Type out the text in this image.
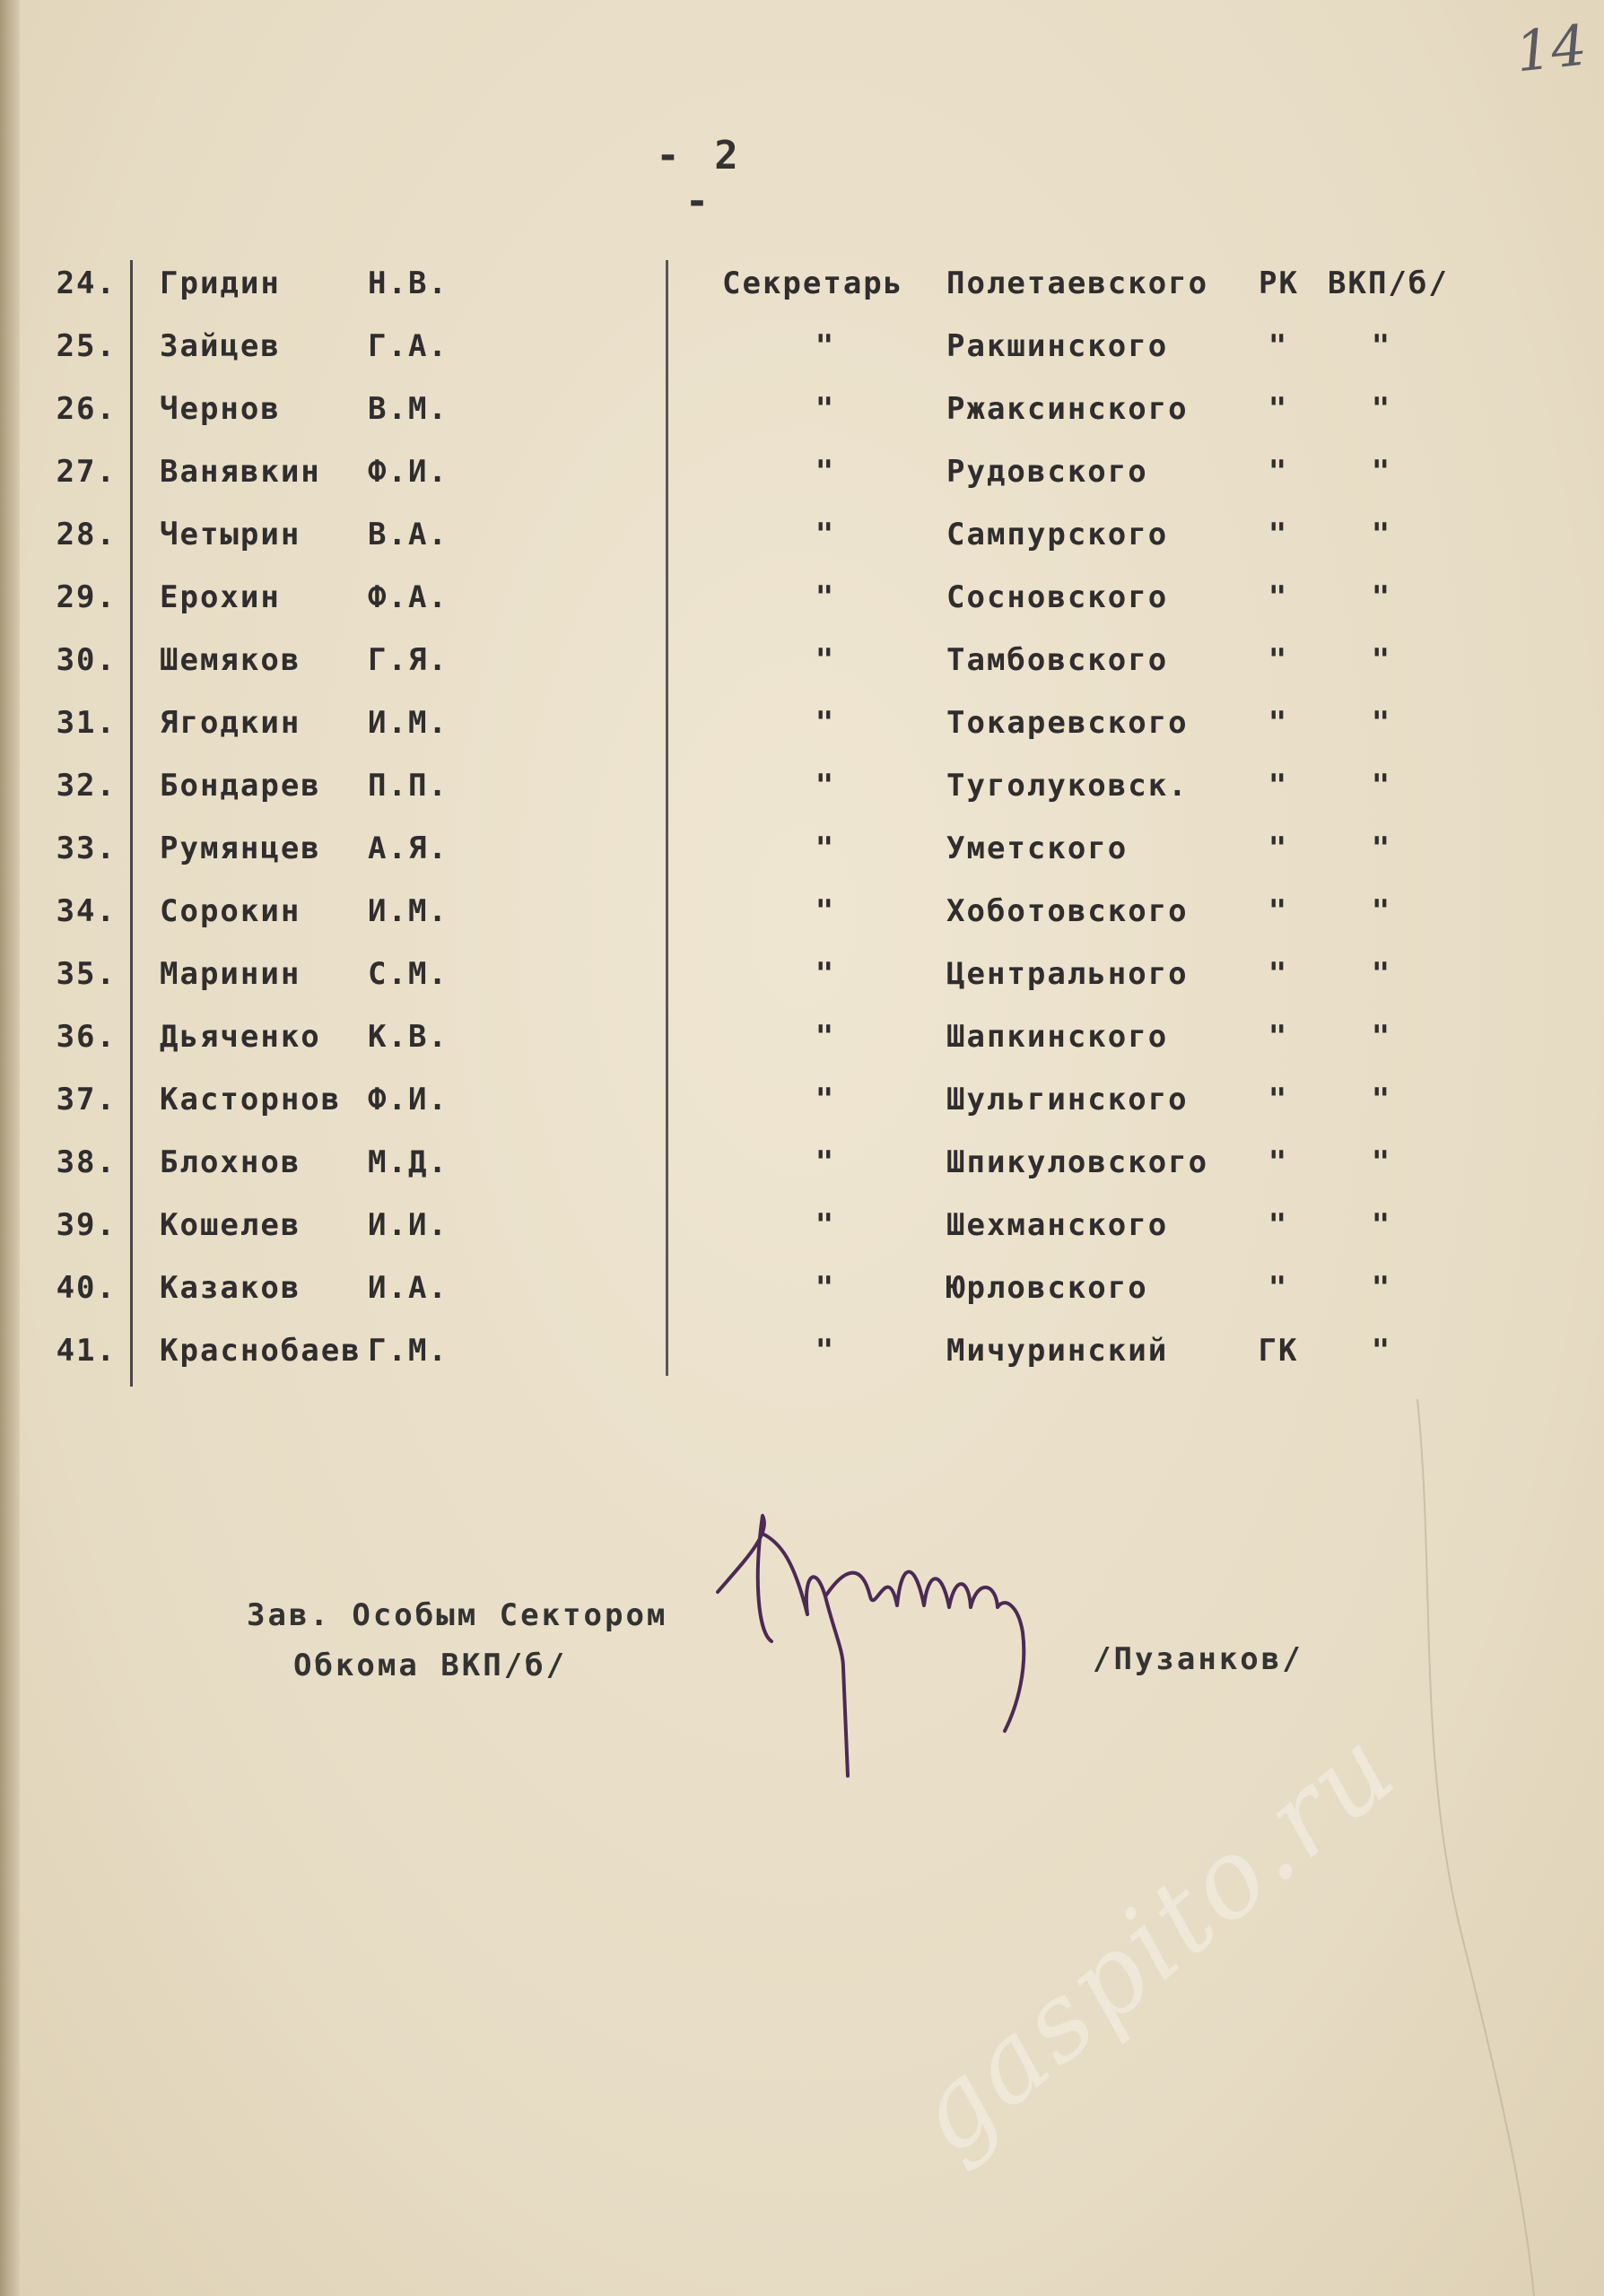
14
- 2 -
24. Гридин	Н.В.	Секретарь Полетаевского РК ВКП/б/
25. Зайцев	Г.А.	"	Ракшинского	"	"
26. Чернов	В.М.	"	Ржаксинского	"	"
27. Ванявкин Ф.И.	"	Рудовского	"	"
28. Четырин В.А.	"	Сампурского	"	"
29. Ерохин	Ф.А.	"	Сосновского	"	"
30. Шемяков Г.Я.	"	Тамбовского	"	"
31. Ягодкин И.М.	"	Токаревского	"	"
32. Бондарев П.П.	"	Туголуковск.	"	"
33. Румянцев А.Я.	"	Уметского	"	"
34. Сорокин И.М.	"	Хоботовского	"	"
35. Маринин С.М.	"	Центрального	"	"
36. Дьяченко К.В.	"	Шапкинского	"	"
37. Касторнов Ф.И.	"	Шульгинского	"	"
38. Блохнов М.Д.	"	Шпикуловского	"	"
39. Кошелев И.И.	"	Шехманского	"	"
40. Казаков И.А.	"	Юрловского	"	"
41. Краснобаев Г.М.	"	Мичуринский	ГК	"
Зав. Особым Сектором
Обкома ВКП/б/	/Пузанков/
gaspito.ru
